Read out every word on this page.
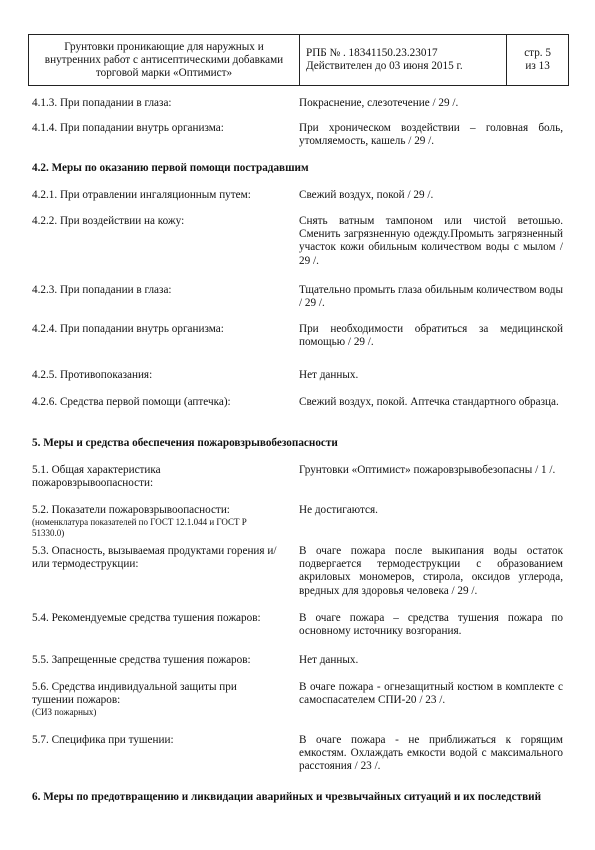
Грунтовки проникающие для наружных и
внутренних работ с антисептическими добавками
торговой марки «Оптимист»
РПБ № . 18341150.23.23017
Действителен до 03 июня 2015 г.
стр. 5
из 13
4.1.3. При попадании в глаза:	Покраснение, слезотечение / 29 /.
4.1.4. При попадании внутрь организма:	При хроническом воздействии – головная боль, утомляемость, кашель / 29 /.
4.2. Меры по оказанию первой помощи пострадавшим
4.2.1. При отравлении ингаляционным путем:	Свежий воздух, покой / 29 /.
4.2.2. При воздействии на кожу:	Снять ватным тампоном или чистой ветошью. Сменить загрязненную одежду.Промыть загрязненный участок кожи обильным количеством воды с мылом / 29 /.
4.2.3. При попадании в глаза:	Тщательно промыть глаза обильным количеством воды / 29 /.
4.2.4. При попадании внутрь организма:	При необходимости обратиться за медицинской помощью / 29 /.
4.2.5. Противопоказания:	Нет данных.
4.2.6. Средства первой помощи (аптечка):	Свежий воздух, покой. Аптечка стандартного образца.
5. Меры и средства обеспечения пожаровзрывобезопасности
5.1. Общая характеристика пожаровзрывоопасности:
Грунтовки «Оптимист» пожаровзрывобезопасны / 1 /.
5.2. Показатели пожаровзрывоопасности:
(номенклатура показателей по ГОСТ 12.1.044 и ГОСТ Р 51330.0)
Не достигаются.
5.3. Опасность, вызываемая продуктами горения и/или термодеструкции:
В очаге пожара после выкипания воды остаток подвергается термодеструкции с образованием акриловых мономеров, стирола, оксидов углерода, вредных для здоровья человека / 29 /.
5.4. Рекомендуемые средства тушения пожаров:	В очаге пожара – средства тушения пожара по основному источнику возгорания.
5.5. Запрещенные средства тушения пожаров:	Нет данных.
5.6. Средства индивидуальной защиты при тушении пожаров:
(СИЗ пожарных)
В очаге пожара - огнезащитный костюм в комплекте с самоспасателем СПИ-20 / 23 /.
5.7. Специфика при тушении:	В очаге пожара - не приближаться к горящим емкостям. Охлаждать емкости водой с максимального расстояния / 23 /.
6. Меры по предотвращению и ликвидации аварийных и чрезвычайных ситуаций и их последствий
